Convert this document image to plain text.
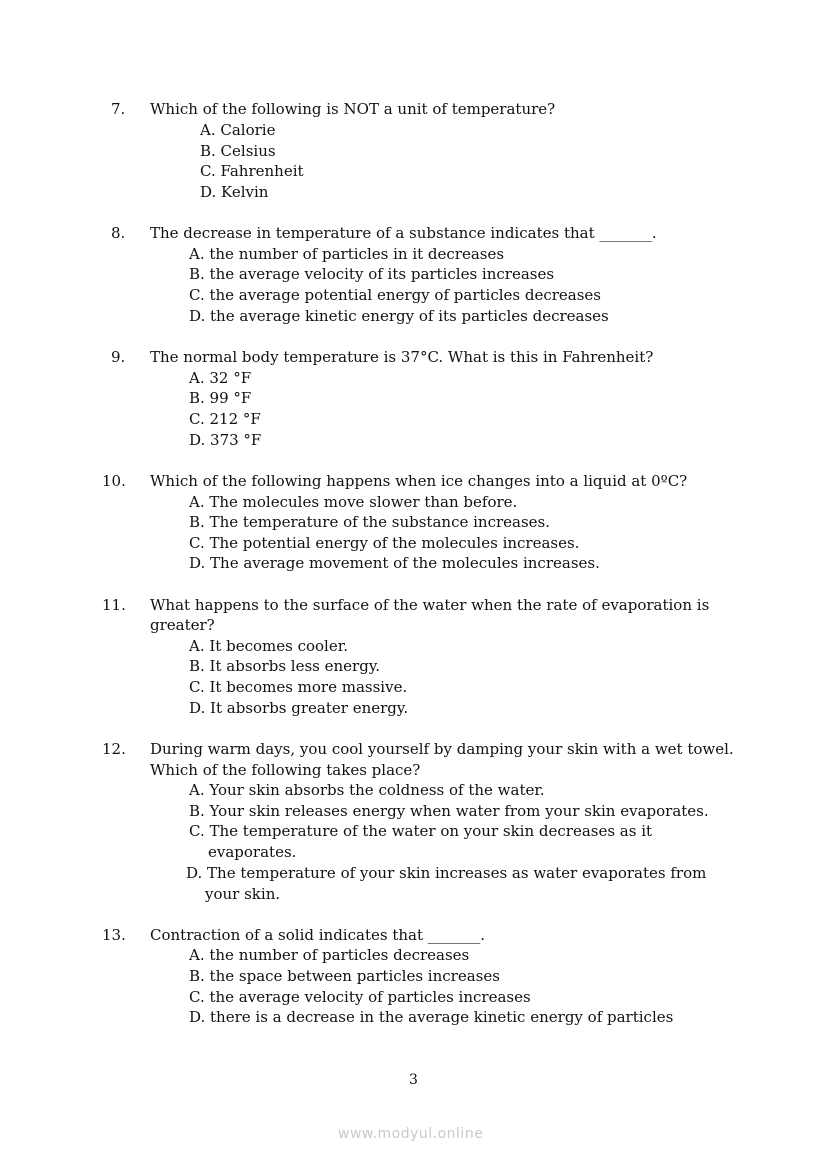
7. Which of the following is NOT a unit of temperature?
A. Calorie
B. Celsius
C. Fahrenheit
D. Kelvin
8. The decrease in temperature of a substance indicates that _______.
A. the number of particles in it decreases
B. the average velocity of its particles increases
C. the average potential energy of particles decreases
D. the average kinetic energy of its particles decreases
9. The normal body temperature is 37°C. What is this in Fahrenheit?
A. 32 °F
B. 99 °F
C. 212 °F
D. 373 °F
10. Which of the following happens when ice changes into a liquid at 0ºC?
A. The molecules move slower than before.
B. The temperature of the substance increases.
C. The potential energy of the molecules increases.
D. The average movement of the molecules increases.
11. What happens to the surface of the water when the rate of evaporation is
greater?
A. It becomes cooler.
B. It absorbs less energy.
C. It becomes more massive.
D. It absorbs greater energy.
12. During warm days, you cool yourself by damping your skin with a wet towel.
Which of the following takes place?
A. Your skin absorbs the coldness of the water.
B. Your skin releases energy when water from your skin evaporates.
C. The temperature of the water on your skin decreases as it
evaporates.
D. The temperature of your skin increases as water evaporates from
your skin.
13. Contraction of a solid indicates that _______.
A. the number of particles decreases
B. the space between particles increases
C. the average velocity of particles increases
D. there is a decrease in the average kinetic energy of particles
3
www.modyul.online
